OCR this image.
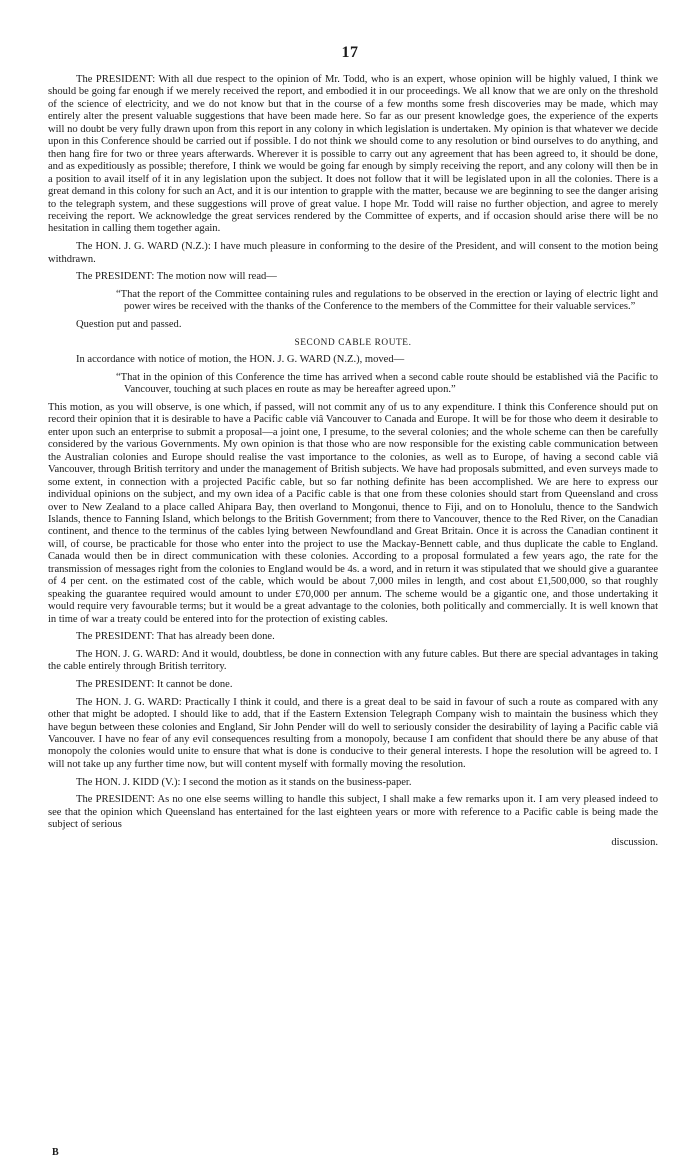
17

The PRESIDENT: With all due respect to the opinion of Mr. Todd, who is an expert, whose opinion will be highly valued, I think we should be going far enough if we merely received the report, and embodied it in our proceedings. We all know that we are only on the threshold of the science of electricity, and we do not know but that in the course of a few months some fresh discoveries may be made, which may entirely alter the present valuable suggestions that have been made here. So far as our present knowledge goes, the experience of the experts will no doubt be very fully drawn upon from this report in any colony in which legislation is undertaken. My opinion is that whatever we decide upon in this Conference should be carried out if possible. I do not think we should come to any resolution or bind ourselves to do anything, and then hang fire for two or three years afterwards. Wherever it is possible to carry out any agreement that has been agreed to, it should be done, and as expeditiously as possible; therefore, I think we would be going far enough by simply receiving the report, and any colony will then be in a position to avail itself of it in any legislation upon the subject. It does not follow that it will be legislated upon in all the colonies. There is a great demand in this colony for such an Act, and it is our intention to grapple with the matter, because we are beginning to see the danger arising to the telegraph system, and these suggestions will prove of great value. I hope Mr. Todd will raise no further objection, and agree to merely receiving the report. We acknowledge the great services rendered by the Committee of experts, and if occasion should arise there will be no hesitation in calling them together again.

The HON. J. G. WARD (N.Z.): I have much pleasure in conforming to the desire of the President, and will consent to the motion being withdrawn.

The PRESIDENT: The motion now will read—

“That the report of the Committee containing rules and regulations to be observed in the erection or laying of electric light and power wires be received with the thanks of the Conference to the members of the Committee for their valuable services.”

Question put and passed.

SECOND CABLE ROUTE.

In accordance with notice of motion, the HON. J. G. WARD (N.Z.), moved—

“That in the opinion of this Conference the time has arrived when a second cable route should be established viâ the Pacific to Vancouver, touching at such places en route as may be hereafter agreed upon.”

This motion, as you will observe, is one which, if passed, will not commit any of us to any expenditure. I think this Conference should put on record their opinion that it is desirable to have a Pacific cable viâ Vancouver to Canada and Europe. It will be for those who deem it desirable to enter upon such an enterprise to submit a proposal—a joint one, I presume, to the several colonies; and the whole scheme can then be carefully considered by the various Governments. My own opinion is that those who are now responsible for the existing cable communication between the Australian colonies and Europe should realise the vast importance to the colonies, as well as to Europe, of having a second cable viâ Vancouver, through British territory and under the management of British subjects. We have had proposals submitted, and even surveys made to some extent, in connection with a projected Pacific cable, but so far nothing definite has been accomplished. We are here to express our individual opinions on the subject, and my own idea of a Pacific cable is that one from these colonies should start from Queensland and cross over to New Zealand to a place called Ahipara Bay, then overland to Mongonui, thence to Fiji, and on to Honolulu, thence to the Sandwich Islands, thence to Fanning Island, which belongs to the British Government; from there to Vancouver, thence to the Red River, on the Canadian continent, and thence to the terminus of the cables lying between Newfoundland and Great Britain. Once it is across the Canadian continent it will, of course, be practicable for those who enter into the project to use the Mackay-Bennett cable, and thus duplicate the cable to England. Canada would then be in direct communication with these colonies. According to a proposal formulated a few years ago, the rate for the transmission of messages right from the colonies to England would be 4s. a word, and in return it was stipulated that we should give a guarantee of 4 per cent. on the estimated cost of the cable, which would be about 7,000 miles in length, and cost about £1,500,000, so that roughly speaking the guarantee required would amount to under £70,000 per annum. The scheme would be a gigantic one, and those undertaking it would require very favourable terms; but it would be a great advantage to the colonies, both politically and commercially. It is well known that in time of war a treaty could be entered into for the protection of existing cables.

The PRESIDENT: That has already been done.

The HON. J. G. WARD: And it would, doubtless, be done in connection with any future cables. But there are special advantages in taking the cable entirely through British territory.

The PRESIDENT: It cannot be done.

The HON. J. G. WARD: Practically I think it could, and there is a great deal to be said in favour of such a route as compared with any other that might be adopted. I should like to add, that if the Eastern Extension Telegraph Company wish to maintain the business which they have begun between these colonies and England, Sir John Pender will do well to seriously consider the desirability of laying a Pacific cable viâ Vancouver. I have no fear of any evil consequences resulting from a monopoly, because I am confident that should there be any abuse of that monopoly the colonies would unite to ensure that what is done is conducive to their general interests. I hope the resolution will be agreed to. I will not take up any further time now, but will content myself with formally moving the resolution.

The HON. J. KIDD (V.): I second the motion as it stands on the business-paper.

The PRESIDENT: As no one else seems willing to handle this subject, I shall make a few remarks upon it. I am very pleased indeed to see that the opinion which Queensland has entertained for the last eighteen years or more with reference to a Pacific cable is being made the subject of serious

discussion.

B
